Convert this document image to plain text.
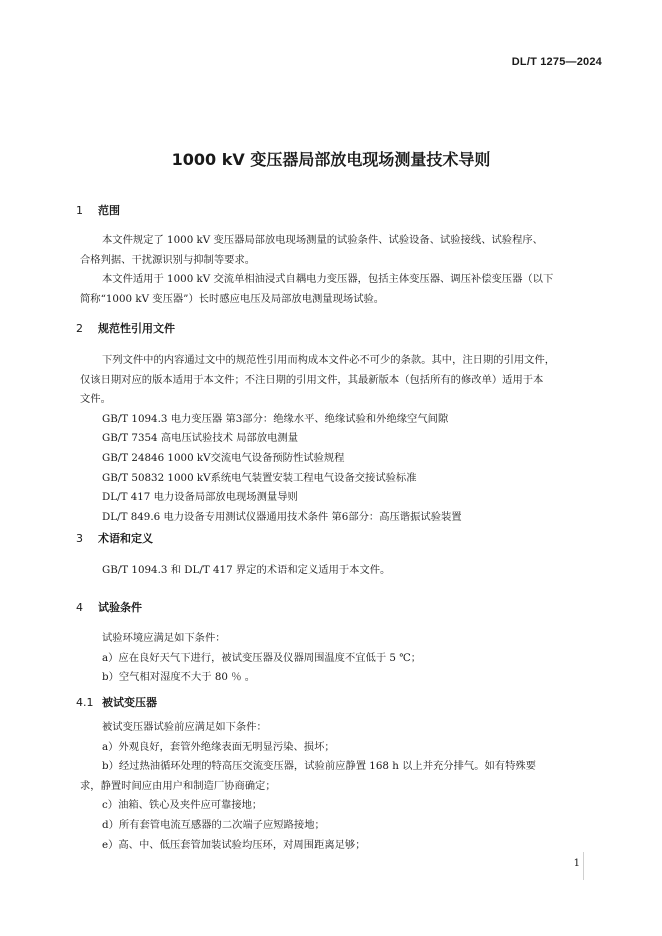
DL/T 1275—2024
1000 kV 变压器局部放电现场测量技术导则
1 范围
本文件规定了 1000 kV 变压器局部放电现场测量的试验条件、试验设备、试验接线、试验程序、
合格判据、干扰源识别与抑制等要求。
本文件适用于 1000 kV 交流单相油浸式自耦电力变压器，包括主体变压器、调压补偿变压器（以下
简称“1000 kV 变压器”）长时感应电压及局部放电测量现场试验。
2 规范性引用文件
下列文件中的内容通过文中的规范性引用而构成本文件必不可少的条款。其中，注日期的引用文件，
仅该日期对应的版本适用于本文件；不注日期的引用文件，其最新版本（包括所有的修改单）适用于本
文件。
GB/T 1094.3 电力变压器 第3部分：绝缘水平、绝缘试验和外绝缘空气间隙
GB/T 7354 高电压试验技术 局部放电测量
GB/T 24846 1000 kV交流电气设备预防性试验规程
GB/T 50832 1000 kV系统电气装置安装工程电气设备交接试验标准
DL/T 417 电力设备局部放电现场测量导则
DL/T 849.6 电力设备专用测试仪器通用技术条件 第6部分：高压谐振试验装置
3 术语和定义
GB/T 1094.3 和 DL/T 417 界定的术语和定义适用于本文件。
4 试验条件
试验环境应满足如下条件：
a）应在良好天气下进行，被试变压器及仪器周围温度不宜低于 5 ℃；
b）空气相对湿度不大于 80 ％ 。
4.1 被试变压器
被试变压器试验前应满足如下条件：
a）外观良好，套管外绝缘表面无明显污染、损坏；
b）经过热油循环处理的特高压交流变压器，试验前应静置 168 h 以上并充分排气。如有特殊要
求，静置时间应由用户和制造厂协商确定；
c）油箱、铁心及夹件应可靠接地；
d）所有套管电流互感器的二次端子应短路接地；
e）高、中、低压套管加装试验均压环，对周围距离足够；
1
